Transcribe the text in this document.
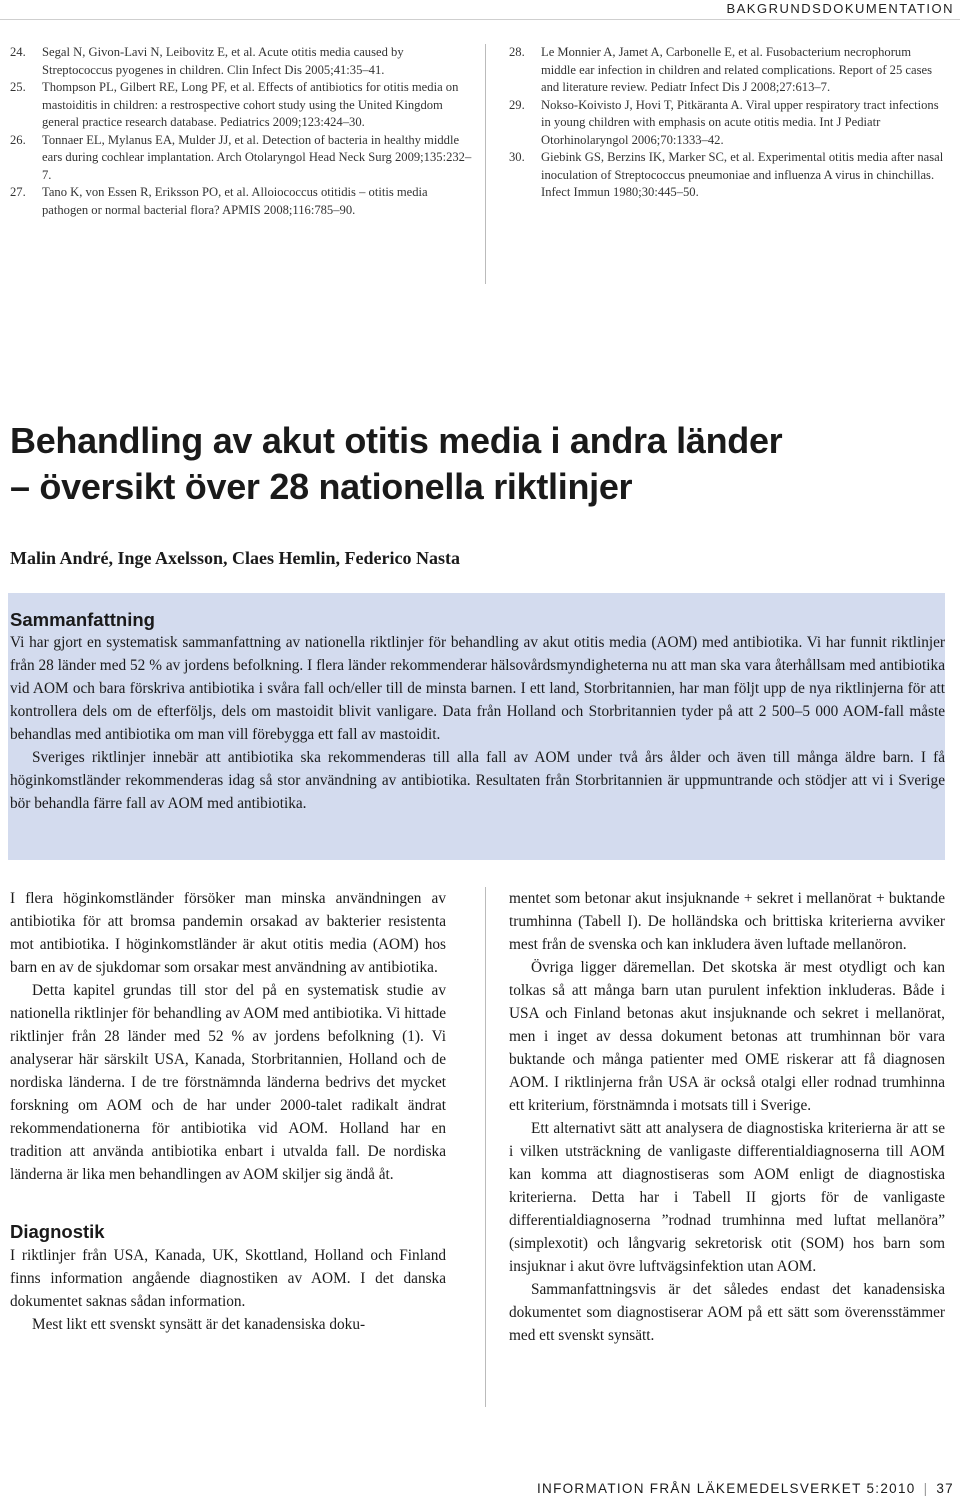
BAKGRUNDSDOKUMENTATION
24. Segal N, Givon-Lavi N, Leibovitz E, et al. Acute otitis media caused by Streptococcus pyogenes in children. Clin Infect Dis 2005;41:35–41.
25. Thompson PL, Gilbert RE, Long PF, et al. Effects of antibiotics for otitis media on mastoiditis in children: a restrospective cohort study using the United Kingdom general practice research database. Pediatrics 2009;123:424–30.
26. Tonnaer EL, Mylanus EA, Mulder JJ, et al. Detection of bacteria in healthy middle ears during cochlear implantation. Arch Otolaryngol Head Neck Surg 2009;135:232–7.
27. Tano K, von Essen R, Eriksson PO, et al. Alloiococcus otitidis – otitis media pathogen or normal bacterial flora? APMIS 2008;116:785–90.
28. Le Monnier A, Jamet A, Carbonelle E, et al. Fusobacterium necrophorum middle ear infection in children and related complications. Report of 25 cases and literature review. Pediatr Infect Dis J 2008;27:613–7.
29. Nokso-Koivisto J, Hovi T, Pitkäranta A. Viral upper respiratory tract infections in young children with emphasis on acute otitis media. Int J Pediatr Otorhinolaryngol 2006;70:1333–42.
30. Giebink GS, Berzins IK, Marker SC, et al. Experimental otitis media after nasal inoculation of Streptococcus pneumoniae and influenza A virus in chinchillas. Infect Immun 1980;30:445–50.
Behandling av akut otitis media i andra länder
– översikt över 28 nationella riktlinjer

Malin André, Inge Axelsson, Claes Hemlin, Federico Nasta

Sammanfattning

Vi har gjort en systematisk sammanfattning av nationella riktlinjer för behandling av akut otitis media (AOM) med antibiotika. Vi har funnit riktlinjer från 28 länder med 52 % av jordens befolkning. I flera länder rekommenderar hälsovårdsmyndigheterna nu att man ska vara återhållsam med antibiotika vid AOM och bara förskriva antibiotika i svåra fall och/eller till de minsta barnen. I ett land, Storbritannien, har man följt upp de nya riktlinjerna för att kontrollera dels om de efterföljs, dels om mastoidit blivit vanligare. Data från Holland och Storbritannien tyder på att 2 500–5 000 AOM-fall måste behandlas med antibiotika om man vill förebygga ett fall av mastoidit.

Sveriges riktlinjer innebär att antibiotika ska rekommenderas till alla fall av AOM under två års ålder och även till många äldre barn. I få höginkomstländer rekommenderas idag så stor användning av antibiotika. Resultaten från Storbritannien är uppmuntrande och stödjer att vi i Sverige bör behandla färre fall av AOM med antibiotika.

I flera höginkomstländer försöker man minska användningen av antibiotika för att bromsa pandemin orsakad av bakterier resistenta mot antibiotika. I höginkomstländer är akut otitis media (AOM) hos barn en av de sjukdomar som orsakar mest användning av antibiotika.

Detta kapitel grundas till stor del på en systematisk studie av nationella riktlinjer för behandling av AOM med antibiotika. Vi hittade riktlinjer från 28 länder med 52 % av jordens befolkning (1). Vi analyserar här särskilt USA, Kanada, Storbritannien, Holland och de nordiska länderna. I de tre förstnämnda länderna bedrivs det mycket forskning om AOM och de har under 2000-talet radikalt ändrat rekommendationerna för antibiotika vid AOM. Holland har en tradition att använda antibiotika enbart i utvalda fall. De nordiska länderna är lika men behandlingen av AOM skiljer sig ändå åt.

Diagnostik

I riktlinjer från USA, Kanada, UK, Skottland, Holland och Finland finns information angående diagnostiken av AOM. I det danska dokumentet saknas sådan information.

Mest likt ett svenskt synsätt är det kanadensiska doku-

mentet som betonar akut insjuknande + sekret i mellanörat + buktande trumhinna (Tabell I). De holländska och brittiska kriterierna avviker mest från de svenska och kan inkludera även luftade mellanöron.

Övriga ligger däremellan. Det skotska är mest otydligt och kan tolkas så att många barn utan purulent infektion inkluderas. Både i USA och Finland betonas akut insjuknande och sekret i mellanörat, men i inget av dessa dokument betonas att trumhinnan bör vara buktande och många patienter med OME riskerar att få diagnosen AOM. I riktlinjerna från USA är också otalgi eller rodnad trumhinna ett kriterium, förstnämnda i motsats till i Sverige.

Ett alternativt sätt att analysera de diagnostiska kriterierna är att se i vilken utsträckning de vanligaste differentialdiagnoserna till AOM kan komma att diagnostiseras som AOM enligt de diagnostiska kriterierna. Detta har i Tabell II gjorts för de vanligaste differentialdiagnoserna ”rodnad trumhinna med luftat mellanöra” (simplexotit) och långvarig sekretorisk otit (SOM) hos barn som insjuknar i akut övre luftvägsinfektion utan AOM.

Sammanfattningsvis är det således endast det kanadensiska dokumentet som diagnostiserar AOM på ett sätt som överensstämmer med ett svenskt synsätt.

INFORMATION FRÅN LÄKEMEDELSVERKET 5:2010 | 37
